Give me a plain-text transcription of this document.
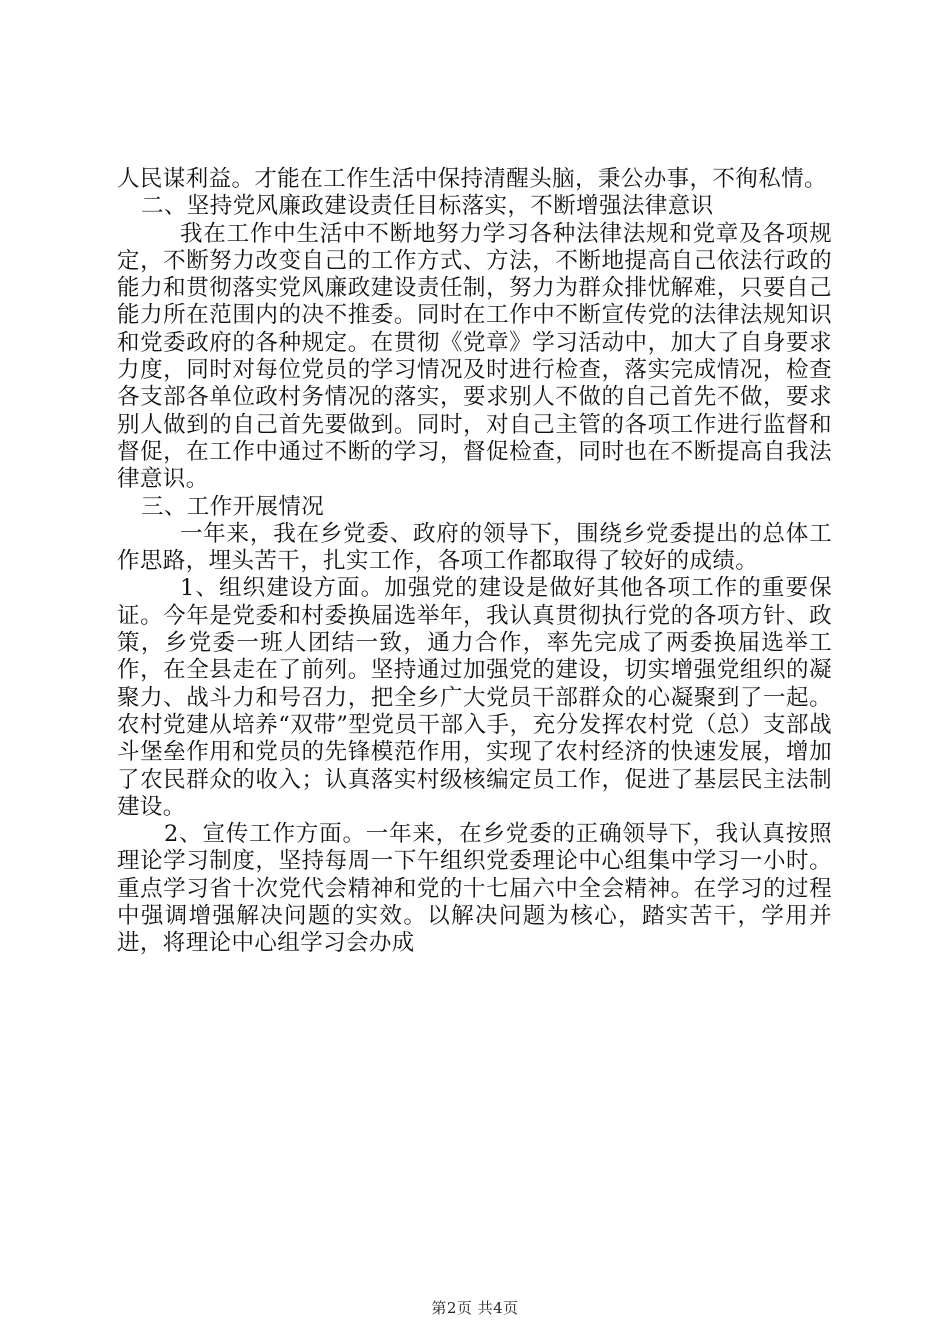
人民谋利益。才能在工作生活中保持清醒头脑，秉公办事，不徇私情。

二、坚持党风廉政建设责任目标落实，不断增强法律意识

我在工作中生活中不断地努力学习各种法律法规和党章及各项规定，不断努力改变自己的工作方式、方法，不断地提高自己依法行政的能力和贯彻落实党风廉政建设责任制，努力为群众排忧解难，只要自己能力所在范围内的决不推委。同时在工作中不断宣传党的法律法规知识和党委政府的各种规定。在贯彻《党章》学习活动中，加大了自身要求力度，同时对每位党员的学习情况及时进行检查，落实完成情况，检查各支部各单位政村务情况的落实，要求别人不做的自己首先不做，要求别人做到的自己首先要做到。同时，对自己主管的各项工作进行监督和督促，在工作中通过不断的学习，督促检查，同时也在不断提高自我法律意识。

三、工作开展情况

一年来，我在乡党委、政府的领导下，围绕乡党委提出的总体工作思路，埋头苦干，扎实工作，各项工作都取得了较好的成绩。

1、组织建设方面。加强党的建设是做好其他各项工作的重要保证。今年是党委和村委换届选举年，我认真贯彻执行党的各项方针、政策，乡党委一班人团结一致，通力合作，率先完成了两委换届选举工作，在全县走在了前列。坚持通过加强党的建设，切实增强党组织的凝聚力、战斗力和号召力，把全乡广大党员干部群众的心凝聚到了一起。农村党建从培养“双带”型党员干部入手，充分发挥农村党（总）支部战斗堡垒作用和党员的先锋模范作用，实现了农村经济的快速发展，增加了农民群众的收入；认真落实村级核编定员工作，促进了基层民主法制建设。

2、宣传工作方面。一年来，在乡党委的正确领导下，我认真按照理论学习制度，坚持每周一下午组织党委理论中心组集中学习一小时。重点学习省十次党代会精神和党的十七届六中全会精神。在学习的过程中强调增强解决问题的实效。以解决问题为核心，踏实苦干，学用并进，将理论中心组学习会办成

第2页 共4页
